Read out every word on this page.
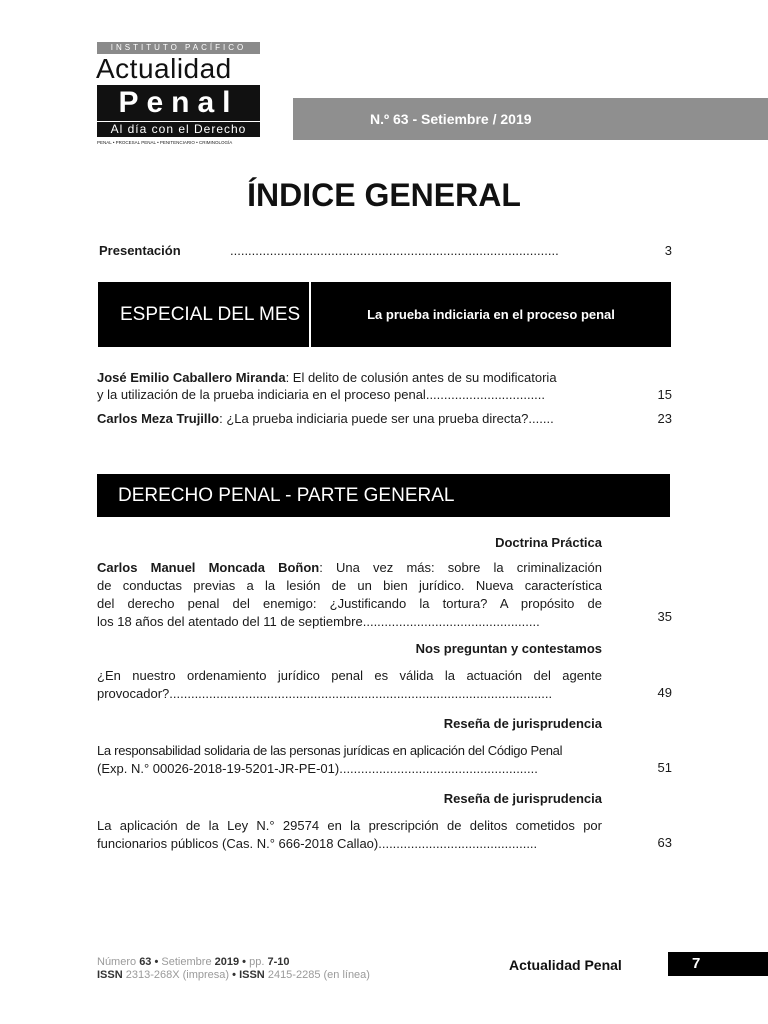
INSTITUTO PACÍFICO
Actualidad
Penal
Al día con el Derecho
PENAL • PROCESAL PENAL • PENITENCIARIO • CRIMINOLOGÍA
N.º 63 - Setiembre / 2019
ÍNDICE GENERAL
Presentación	...........................................................................................	3
ESPECIAL DEL MES	La prueba indiciaria en el proceso penal
José Emilio Caballero Miranda: El delito de colusión antes de su modificatoria
y la utilización de la prueba indiciaria en el proceso penal.................................	15
Carlos Meza Trujillo: ¿La prueba indiciaria puede ser una prueba directa?.......	23
DERECHO PENAL - PARTE GENERAL
Doctrina Práctica
Carlos Manuel Moncada Boñon: Una vez más: sobre la criminalización
de conductas previas a la lesión de un bien jurídico. Nueva característica
del derecho penal del enemigo: ¿Justificando la tortura? A propósito de
los 18 años del atentado del 11 de septiembre.................................................	35
Nos preguntan y contestamos
¿En nuestro ordenamiento jurídico penal es válida la actuación del agente
provocador?..........................................................................................................	49
Reseña de jurisprudencia
La responsabilidad solidaria de las personas jurídicas en aplicación del Código Penal
(Exp. N.° 00026-2018-19-5201-JR-PE-01).......................................................	51
Reseña de jurisprudencia
La aplicación de la Ley N.° 29574 en la prescripción de delitos cometidos por
funcionarios públicos (Cas. N.° 666-2018 Callao)............................................	63
Número 63 • Setiembre 2019 • pp. 7-10
ISSN 2313-268X (impresa) • ISSN 2415-2285 (en línea)
Actualidad Penal	7
